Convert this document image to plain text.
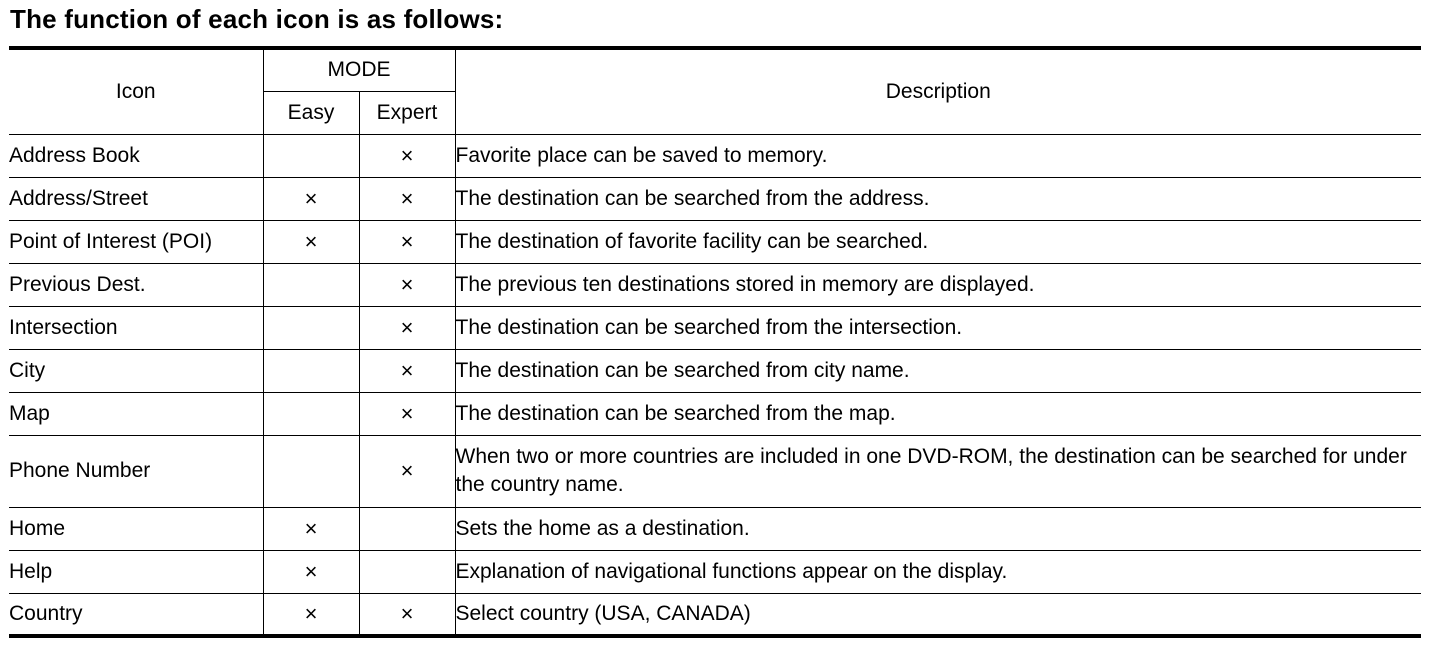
The function of each icon is as follows:
Icon	MODE		Description
	Easy	Expert	
Address Book		×	Favorite place can be saved to memory.
Address/Street	×	×	The destination can be searched from the address.
Point of Interest (POI)	×	×	The destination of favorite facility can be searched.
Previous Dest.		×	The previous ten destinations stored in memory are displayed.
Intersection		×	The destination can be searched from the intersection.
City		×	The destination can be searched from city name.
Map		×	The destination can be searched from the map.
Phone Number		×	When two or more countries are included in one DVD-ROM, the destination can be searched for under the country name.
Home	×		Sets the home as a destination.
Help	×		Explanation of navigational functions appear on the display.
Country	×	×	Select country (USA, CANADA)
